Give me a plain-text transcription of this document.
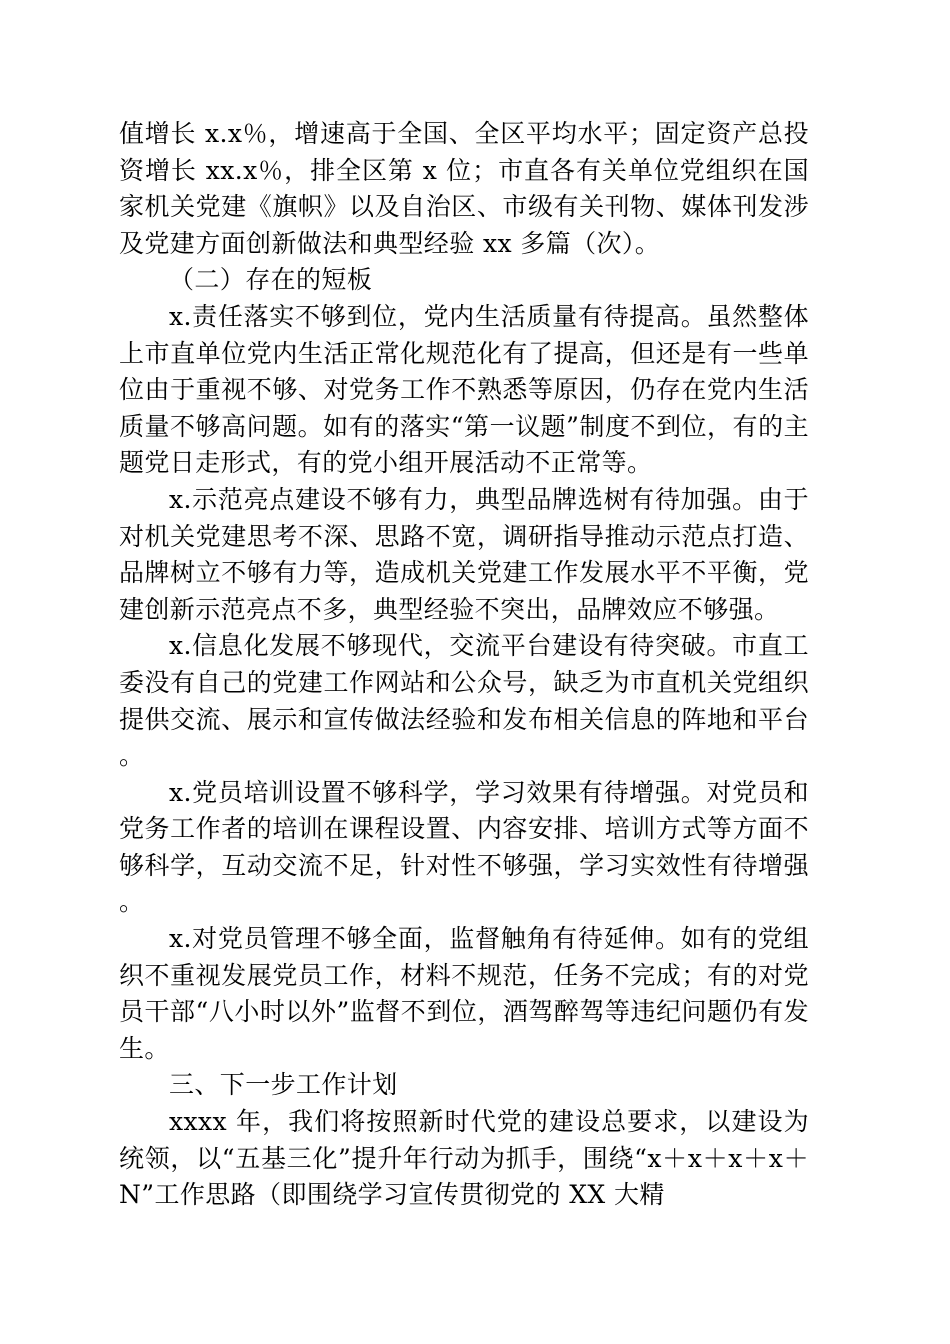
值增长 x.x％，增速高于全国、全区平均水平；固定资产总投资增长 xx.x％，排全区第 x 位；市直各有关单位党组织在国家机关党建《旗帜》以及自治区、市级有关刊物、媒体刊发涉及党建方面创新做法和典型经验 xx 多篇（次）。

（二）存在的短板

x.责任落实不够到位，党内生活质量有待提高。虽然整体上市直单位党内生活正常化规范化有了提高，但还是有一些单位由于重视不够、对党务工作不熟悉等原因，仍存在党内生活质量不够高问题。如有的落实“第一议题”制度不到位，有的主题党日走形式，有的党小组开展活动不正常等。

x.示范亮点建设不够有力，典型品牌选树有待加强。由于对机关党建思考不深、思路不宽，调研指导推动示范点打造、品牌树立不够有力等，造成机关党建工作发展水平不平衡，党建创新示范亮点不多，典型经验不突出，品牌效应不够强。

x.信息化发展不够现代，交流平台建设有待突破。市直工委没有自己的党建工作网站和公众号，缺乏为市直机关党组织提供交流、展示和宣传做法经验和发布相关信息的阵地和平台。

x.党员培训设置不够科学，学习效果有待增强。对党员和党务工作者的培训在课程设置、内容安排、培训方式等方面不够科学，互动交流不足，针对性不够强，学习实效性有待增强。

x.对党员管理不够全面，监督触角有待延伸。如有的党组织不重视发展党员工作，材料不规范，任务不完成；有的对党员干部“八小时以外”监督不到位，酒驾醉驾等违纪问题仍有发生。

三、下一步工作计划

xxxx 年，我们将按照新时代党的建设总要求，以建设为统领，以“五基三化”提升年行动为抓手，围绕“x＋x＋x＋x＋N”工作思路（即围绕学习宣传贯彻党的 XX 大精
